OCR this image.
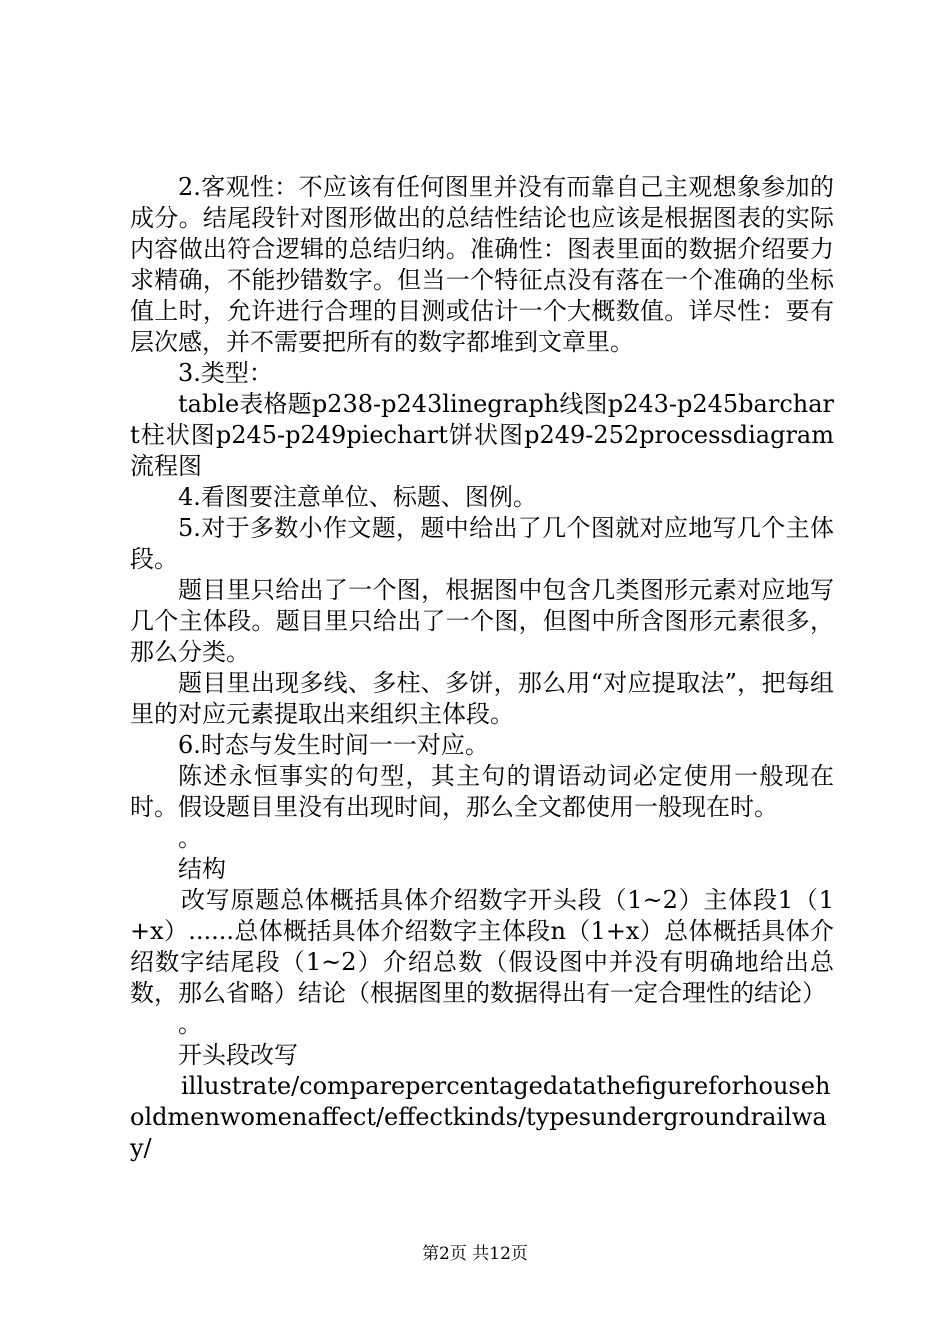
2.客观性：不应该有任何图里并没有而靠自己主观想象参加的成分。结尾段针对图形做出的总结性结论也应该是根据图表的实际内容做出符合逻辑的总结归纳。准确性：图表里面的数据介绍要力求精确，不能抄错数字。但当一个特征点没有落在一个准确的坐标值上时，允许进行合理的目测或估计一个大概数值。详尽性：要有层次感，并不需要把所有的数字都堆到文章里。

3.类型：

table表格题p238-p243linegraph线图p243-p245barchart柱状图p245-p249piechart饼状图p249-252processdiagram流程图

4.看图要注意单位、标题、图例。

5.对于多数小作文题，题中给出了几个图就对应地写几个主体段。

题目里只给出了一个图，根据图中包含几类图形元素对应地写几个主体段。题目里只给出了一个图，但图中所含图形元素很多，那么分类。

题目里出现多线、多柱、多饼，那么用“对应提取法”，把每组里的对应元素提取出来组织主体段。

6.时态与发生时间一一对应。

陈述永恒事实的句型，其主句的谓语动词必定使用一般现在时。假设题目里没有出现时间，那么全文都使用一般现在时。

。

结构

改写原题总体概括具体介绍数字开头段（1~2）主体段1（1+x）......总体概括具体介绍数字主体段n（1+x）总体概括具体介绍数字结尾段（1~2）介绍总数（假设图中并没有明确地给出总数，那么省略）结论（根据图里的数据得出有一定合理性的结论）

。

开头段改写

illustrate/comparepercentagedatathefigureforhouseholdmenwomenaffect/effectkinds/typesundergroundrailway/

第2页 共12页
